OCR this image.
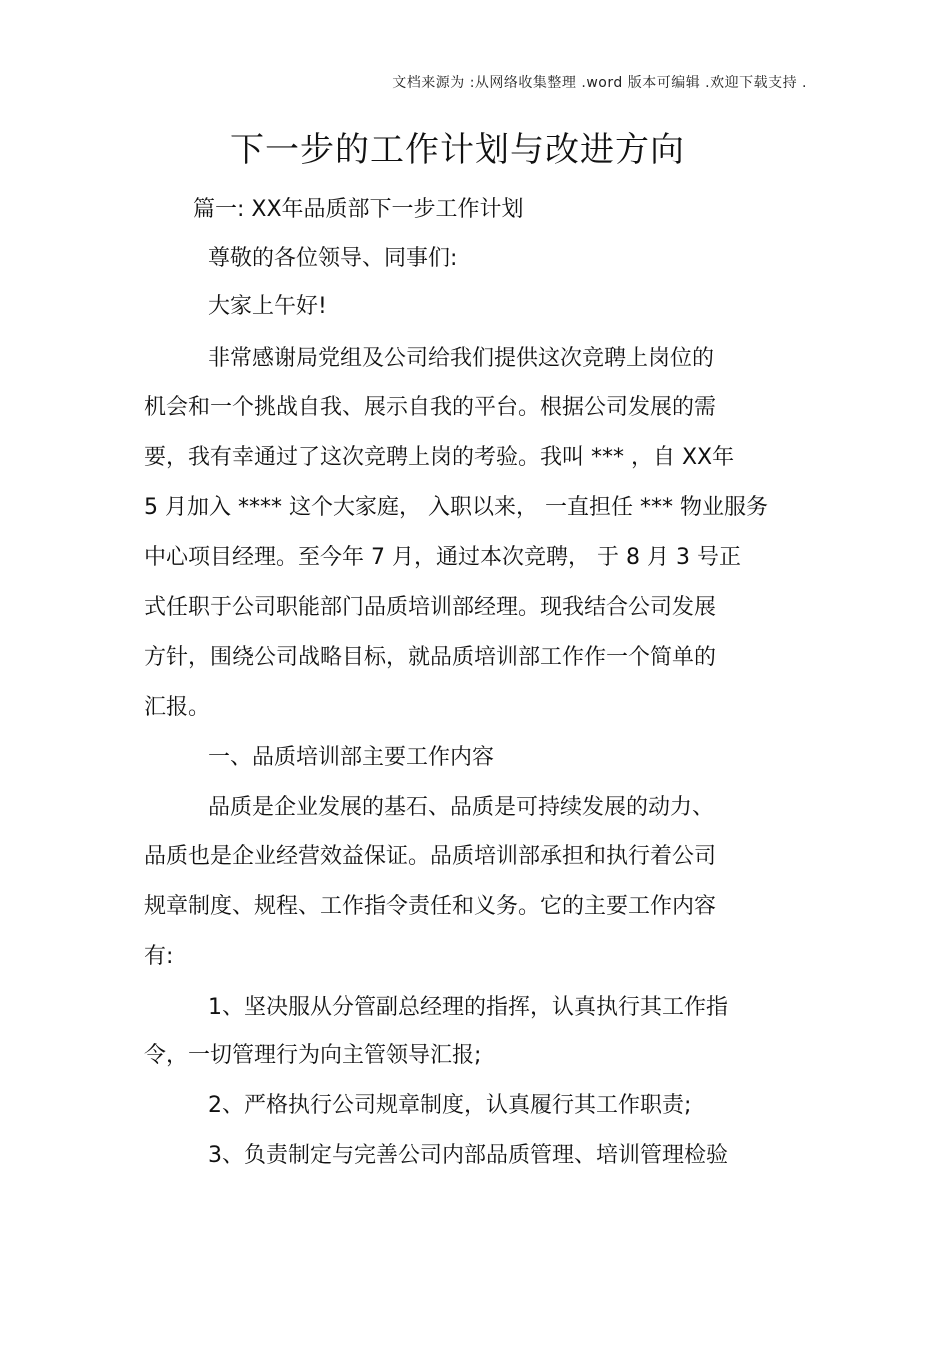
文档来源为 :从网络收集整理 .word 版本可编辑 .欢迎下载支持 .
下一步的工作计划与改进方向
篇一: XX年品质部下一步工作计划
尊敬的各位领导、同事们:
大家上午好!
非常感谢局党组及公司给我们提供这次竞聘上岗位的
机会和一个挑战自我、展示自我的平台。根据公司发展的需
要，我有幸通过了这次竞聘上岗的考验。我叫 *** ，自 XX年
5 月加入 **** 这个大家庭， 入职以来， 一直担任 *** 物业服务
中心项目经理。至今年 7 月，通过本次竞聘， 于 8 月 3 号正
式任职于公司职能部门品质培训部经理。现我结合公司发展
方针，围绕公司战略目标，就品质培训部工作作一个简单的
汇报。
一、品质培训部主要工作内容
品质是企业发展的基石、品质是可持续发展的动力、
品质也是企业经营效益保证。品质培训部承担和执行着公司
规章制度、规程、工作指令责任和义务。它的主要工作内容
有:
1、坚决服从分管副总经理的指挥，认真执行其工作指
令，一切管理行为向主管领导汇报;
2、严格执行公司规章制度，认真履行其工作职责;
3、负责制定与完善公司内部品质管理、培训管理检验
